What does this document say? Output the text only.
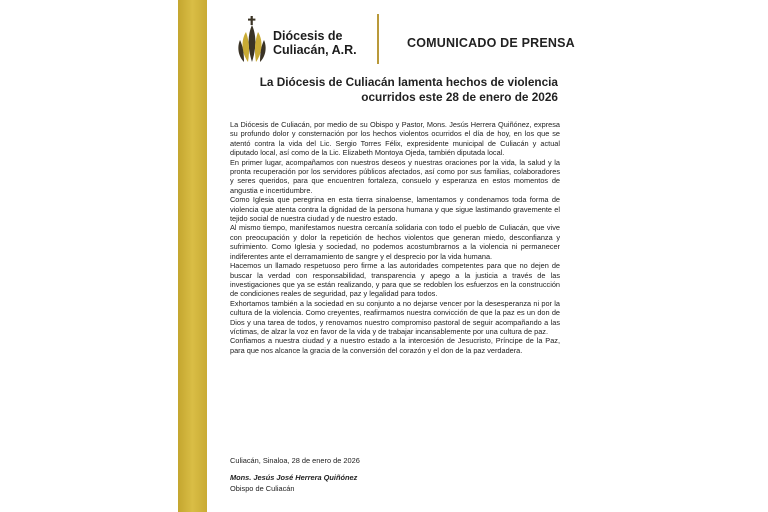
Diócesis de
Culiacán, A.R.	COMUNICADO DE PRENSA
La Diócesis de Culiacán lamenta hechos de violencia
ocurridos este 28 de enero de 2026

La Diócesis de Culiacán, por medio de su Obispo y Pastor, Mons. Jesús Herrera Quiñónez, expresa su profundo dolor y consternación por los hechos violentos ocurridos el día de hoy, en los que se atentó contra la vida del Lic. Sergio Torres Félix, expresidente municipal de Culiacán y actual diputado local, así como de la Lic. Elizabeth Montoya Ojeda, también diputada local.

En primer lugar, acompañamos con nuestros deseos y nuestras oraciones por la vida, la salud y la pronta recuperación por los servidores públicos afectados, así como por sus familias, colaboradores y seres queridos, para que encuentren fortaleza, consuelo y esperanza en estos momentos de angustia e incertidumbre.

Como Iglesia que peregrina en esta tierra sinaloense, lamentamos y condenamos toda forma de violencia que atenta contra la dignidad de la persona humana y que sigue lastimando gravemente el tejido social de nuestra ciudad y de nuestro estado.

Al mismo tiempo, manifestamos nuestra cercanía solidaria con todo el pueblo de Culiacán, que vive con preocupación y dolor la repetición de hechos violentos que generan miedo, desconfianza y sufrimiento. Como Iglesia y sociedad, no podemos acostumbrarnos a la violencia ni permanecer indiferentes ante el derramamiento de sangre y el desprecio por la vida humana.

Hacemos un llamado respetuoso pero firme a las autoridades competentes para que no dejen de buscar la verdad con responsabilidad, transparencia y apego a la justicia a través de las investigaciones que ya se están realizando, y para que se redoblen los esfuerzos en la construcción de condiciones reales de seguridad, paz y legalidad para todos.

Exhortamos también a la sociedad en su conjunto a no dejarse vencer por la desesperanza ni por la cultura de la violencia. Como creyentes, reafirmamos nuestra convicción de que la paz es un don de Dios y una tarea de todos, y renovamos nuestro compromiso pastoral de seguir acompañando a las víctimas, de alzar la voz en favor de la vida y de trabajar incansablemente por una cultura de paz.

Confiamos a nuestra ciudad y a nuestro estado a la intercesión de Jesucristo, Príncipe de la Paz, para que nos alcance la gracia de la conversión del corazón y el don de la paz verdadera.

Culiacán, Sinaloa, 28 de enero de 2026
Mons. Jesús José Herrera Quiñónez
Obispo de Culiacán
